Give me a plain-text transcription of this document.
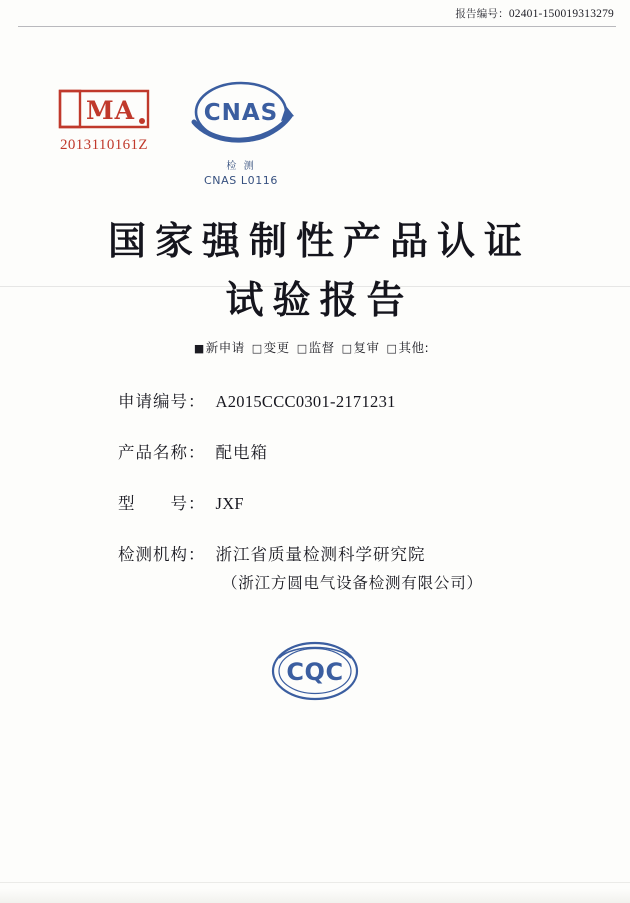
报告编号：02401-150019313279
MA
2013110161Z
CNAS
检 测
CNAS L0116
国家强制性产品认证
试验报告
■新申请 □变更 □监督 □复审 □其他:
申请编号： A2015CCC0301-2171231
产品名称： 配电箱
型　　号： JXF
检测机构： 浙江省质量检测科学研究院
（浙江方圆电气设备检测有限公司）
CQC
